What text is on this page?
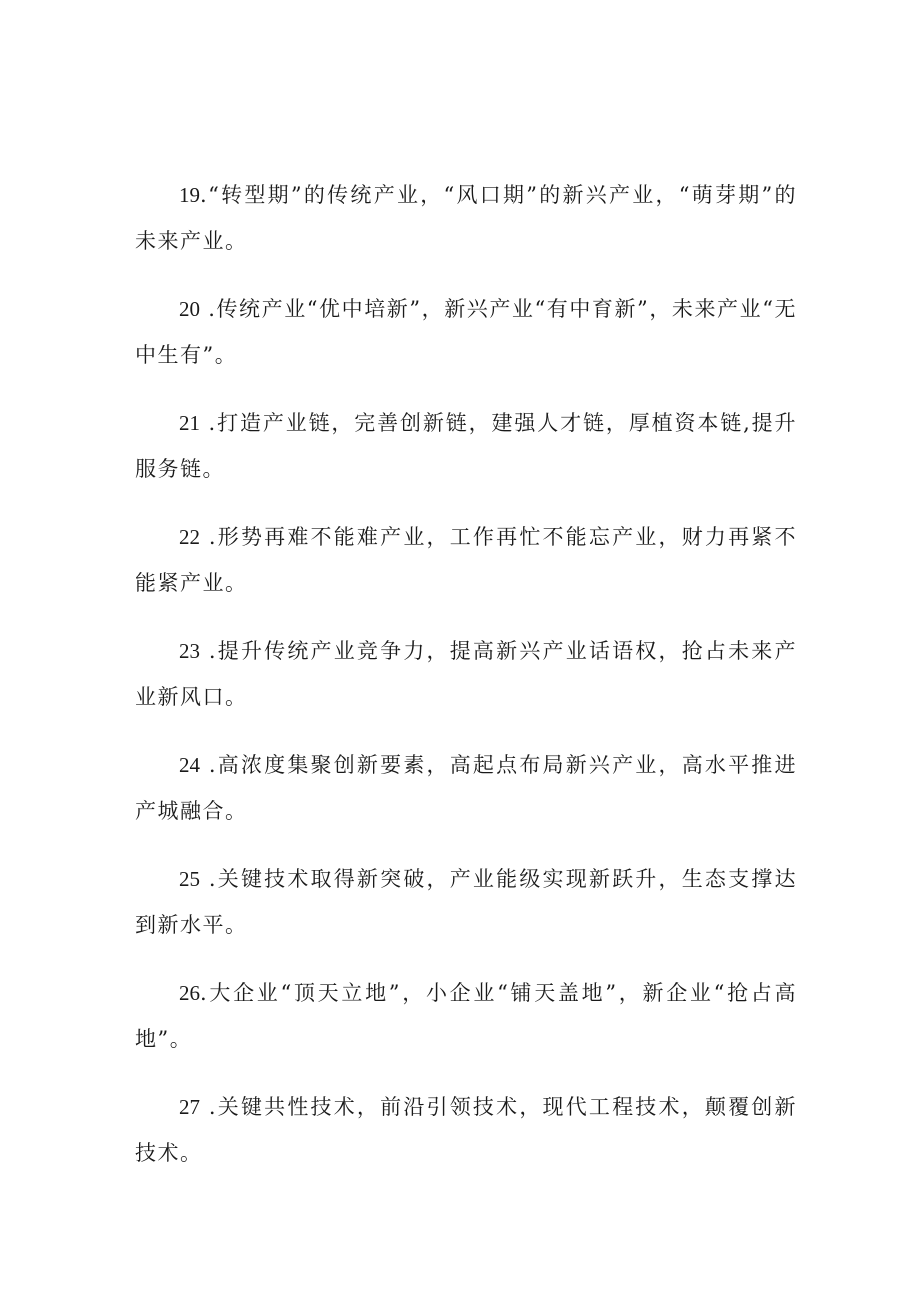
19.“转型期”的传统产业，“风口期”的新兴产业，“萌芽期”的未来产业。

20 .传统产业“优中培新”，新兴产业“有中育新”，未来产业“无中生有”。

21 .打造产业链，完善创新链，建强人才链，厚植资本链,提升服务链。

22 .形势再难不能难产业，工作再忙不能忘产业，财力再紧不能紧产业。

23 .提升传统产业竞争力，提高新兴产业话语权，抢占未来产业新风口。

24 .高浓度集聚创新要素，高起点布局新兴产业，高水平推进产城融合。

25 .关键技术取得新突破，产业能级实现新跃升，生态支撑达到新水平。

26.大企业“顶天立地”，小企业“铺天盖地”，新企业“抢占高地”。

27 .关键共性技术，前沿引领技术，现代工程技术，颠覆创新技术。
